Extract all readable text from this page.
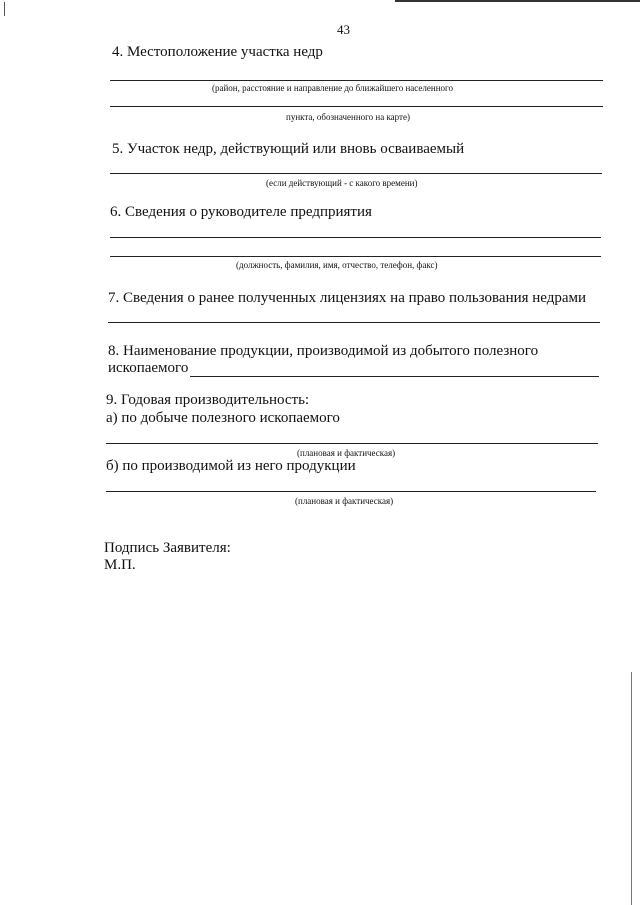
43
4. Местоположение участка недр
(район, расстояние и направление до ближайшего населенного
пункта, обозначенного на карте)
5. Участок недр, действующий или вновь осваиваемый
(если действующий - с какого времени)
6. Сведения о руководителе предприятия
(должность, фамилия, имя, отчество, телефон, факс)
7. Сведения о ранее полученных лицензиях на право пользования недрами
8. Наименование продукции, производимой из добытого полезного
ископаемого
9. Годовая производительность:
а) по добыче полезного ископаемого
(плановая и фактическая)
б) по производимой из него продукции
(плановая и фактическая)
Подпись Заявителя:
М.П.
